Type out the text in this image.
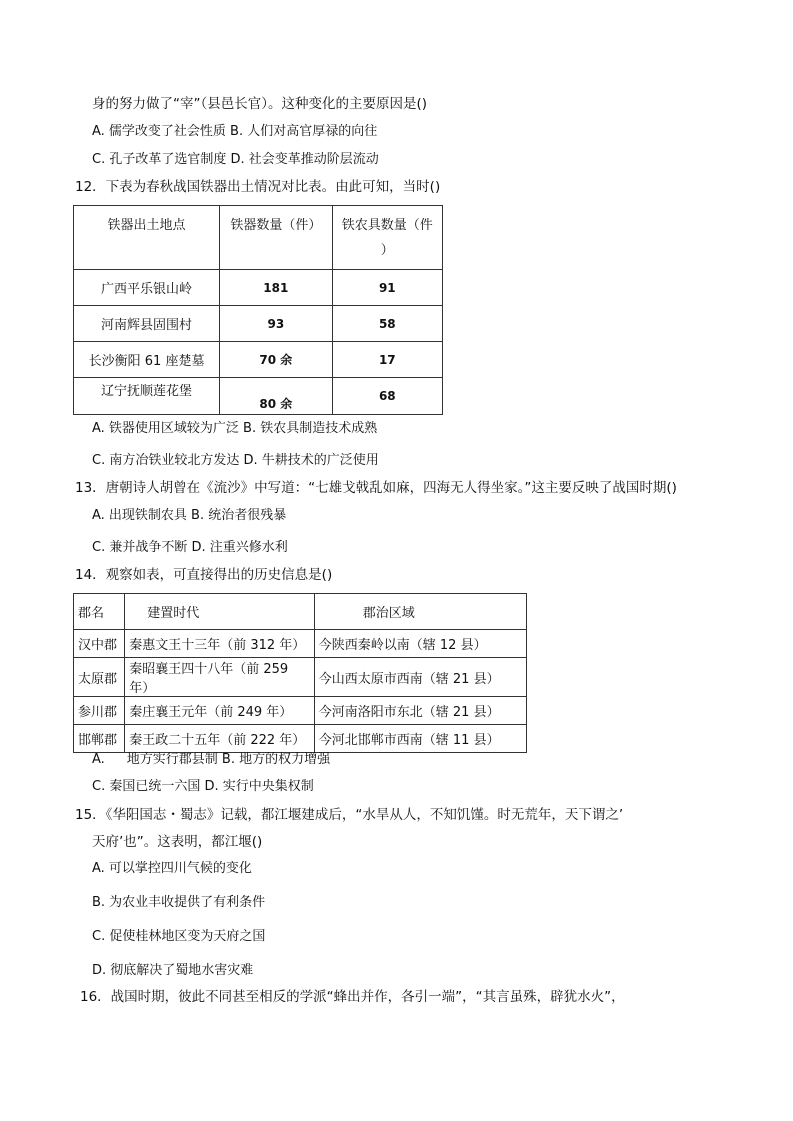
身的努力做了“宰”（县邑长官）。这种变化的主要原因是()
A. 儒学改变了社会性质 B. 人们对高官厚禄的向往
C. 孔子改革了选官制度 D. 社会变革推动阶层流动
12．下表为春秋战国铁器出土情况对比表。由此可知，当时()
铁器出土地点	铁器数量（件）	铁农具数量（件
）

广西平乐银山岭	181	91
河南辉县固围村	93	58
长沙衡阳 61 座楚墓	70 余	17
辽宁抚顺莲花堡	80 余	68
A. 铁器使用区域较为广泛 B. 铁农具制造技术成熟
C. 南方冶铁业较北方发达 D. 牛耕技术的广泛使用
13．唐朝诗人胡曾在《流沙》中写道：“七雄戈戟乱如麻，四海无人得坐家。”这主要反映了战国时期()
A. 出现铁制农具 B. 统治者很残暴
C. 兼并战争不断 D. 注重兴修水利
14．观察如表，可直接得出的历史信息是()
郡名	建置时代	郡治区域
汉中郡	秦惠文王十三年（前 312 年）	今陕西秦岭以南（辖 12 县）
太原郡	秦昭襄王四十八年（前 259 年）	今山西太原市西南（辖 21 县）
参川郡	秦庄襄王元年（前 249 年）	今河南洛阳市东北（辖 21 县）
邯郸郡	秦王政二十五年（前 222 年）	今河北邯郸市西南（辖 11 县）
A. 地方实行郡县制 B. 地方的权力增强
C. 秦国已统一六国 D. 实行中央集权制
15．《华阳国志・蜀志》记载，都江堰建成后，“水旱从人，不知饥馑。时无荒年，天下谓之’
天府’也”。这表明，都江堰()
A. 可以掌控四川气候的变化
B. 为农业丰收提供了有利条件
C. 促使桂林地区变为天府之国
D. 彻底解决了蜀地水害灾难
16．战国时期，彼此不同甚至相反的学派“蜂出并作，各引一端”，“其言虽殊，辟犹水火”，
